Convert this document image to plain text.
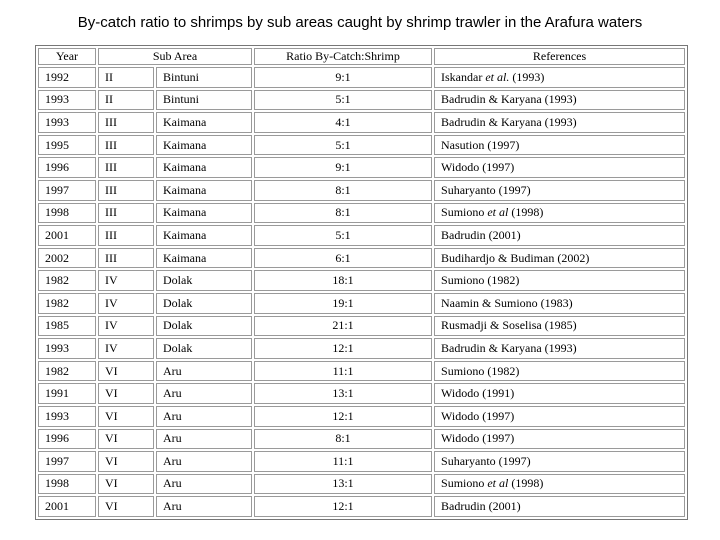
By-catch ratio to shrimps by sub areas caught by shrimp trawler in the Arafura waters
Year	Sub Area		Ratio By-Catch:Shrimp	References
1992	II	Bintuni	9:1	Iskandar et al. (1993)
1993	II	Bintuni	5:1	Badrudin & Karyana (1993)
1993	III	Kaimana	4:1	Badrudin & Karyana (1993)
1995	III	Kaimana	5:1	Nasution (1997)
1996	III	Kaimana	9:1	Widodo (1997)
1997	III	Kaimana	8:1	Suharyanto (1997)
1998	III	Kaimana	8:1	Sumiono et al (1998)
2001	III	Kaimana	5:1	Badrudin (2001)
2002	III	Kaimana	6:1	Budihardjo & Budiman (2002)
1982	IV	Dolak	18:1	Sumiono (1982)
1982	IV	Dolak	19:1	Naamin & Sumiono (1983)
1985	IV	Dolak	21:1	Rusmadji & Soselisa (1985)
1993	IV	Dolak	12:1	Badrudin & Karyana (1993)
1982	VI	Aru	11:1	Sumiono (1982)
1991	VI	Aru	13:1	Widodo (1991)
1993	VI	Aru	12:1	Widodo (1997)
1996	VI	Aru	8:1	Widodo (1997)
1997	VI	Aru	11:1	Suharyanto (1997)
1998	VI	Aru	13:1	Sumiono et al (1998)
2001	VI	Aru	12:1	Badrudin (2001)
